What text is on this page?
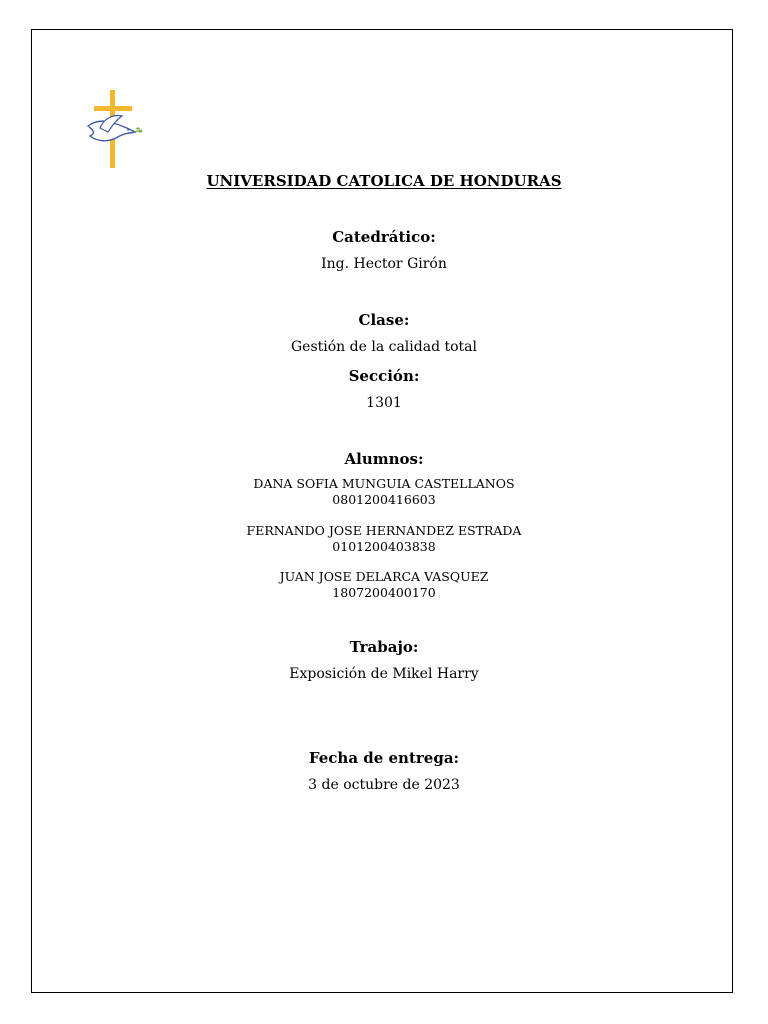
UNIVERSIDAD CATOLICA DE HONDURAS

Catedrático:

Ing. Hector Girón

Clase:

Gestión de la calidad total

Sección:

1301

Alumnos:

DANA SOFIA MUNGUIA CASTELLANOS

0801200416603

FERNANDO JOSE HERNANDEZ ESTRADA

0101200403838

JUAN JOSE DELARCA VASQUEZ

1807200400170

Trabajo:

Exposición de Mikel Harry

Fecha de entrega:

3 de octubre de 2023
